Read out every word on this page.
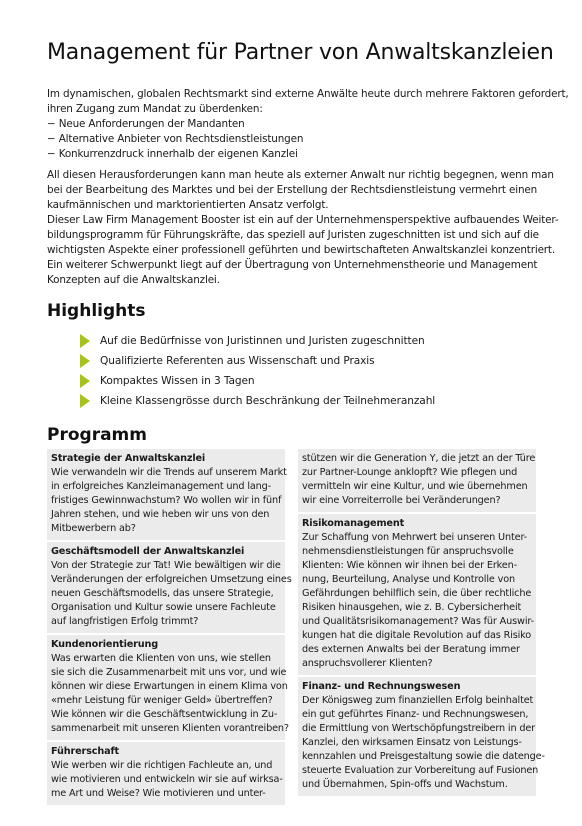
Management für Partner von Anwaltskanzleien
Im dynamischen, globalen Rechtsmarkt sind externe Anwälte heute durch mehrere Faktoren gefordert,
ihren Zugang zum Mandat zu überdenken:
− Neue Anforderungen der Mandanten
− Alternative Anbieter von Rechtsdienstleistungen
− Konkurrenzdruck innerhalb der eigenen Kanzlei
All diesen Herausforderungen kann man heute als externer Anwalt nur richtig begegnen, wenn man
bei der Bearbeitung des Marktes und bei der Erstellung der Rechtsdienstleistung vermehrt einen
kaufmännischen und marktorientierten Ansatz verfolgt.
Dieser Law Firm Management Booster ist ein auf der Unternehmensperspektive aufbauendes Weiter-
bildungsprogramm für Führungskräfte, das speziell auf Juristen zugeschnitten ist und sich auf die
wichtigsten Aspekte einer professionell geführten und bewirtschafteten Anwaltskanzlei konzentriert.
Ein weiterer Schwerpunkt liegt auf der Übertragung von Unternehmenstheorie und Management
Konzepten auf die Anwaltskanzlei.
Highlights
Auf die Bedürfnisse von Juristinnen und Juristen zugeschnitten
Qualifizierte Referenten aus Wissenschaft und Praxis
Kompaktes Wissen in 3 Tagen
Kleine Klassengrösse durch Beschränkung der Teilnehmeranzahl
Programm
Strategie der Anwaltskanzlei
Wie verwandeln wir die Trends auf unserem Markt
in erfolgreiches Kanzleimanagement und lang-
fristiges Gewinnwachstum? Wo wollen wir in fünf
Jahren stehen, und wie heben wir uns von den
Mitbewerbern ab?
Geschäftsmodell der Anwaltskanzlei
Von der Strategie zur Tat! Wie bewältigen wir die
Veränderungen der erfolgreichen Umsetzung eines
neuen Geschäftsmodells, das unsere Strategie,
Organisation und Kultur sowie unsere Fachleute
auf langfristigen Erfolg trimmt?
Kundenorientierung
Was erwarten die Klienten von uns, wie stellen
sie sich die Zusammenarbeit mit uns vor, und wie
können wir diese Erwartungen in einem Klima von
«mehr Leistung für weniger Geld» übertreffen?
Wie können wir die Geschäftsentwicklung in Zu-
sammenarbeit mit unseren Klienten vorantreiben?
Führerschaft
Wie werben wir die richtigen Fachleute an, und
wie motivieren und entwickeln wir sie auf wirksa-
me Art und Weise? Wie motivieren und unter-
stützen wir die Generation Y, die jetzt an der Türe
zur Partner-Lounge anklopft? Wie pflegen und
vermitteln wir eine Kultur, und wie übernehmen
wir eine Vorreiterrolle bei Veränderungen?
Risikomanagement
Zur Schaffung von Mehrwert bei unseren Unter-
nehmensdienstleistungen für anspruchsvolle
Klienten: Wie können wir ihnen bei der Erken-
nung, Beurteilung, Analyse und Kontrolle von
Gefährdungen behilflich sein, die über rechtliche
Risiken hinausgehen, wie z. B. Cybersicherheit
und Qualitätsrisikomanagement? Was für Auswir-
kungen hat die digitale Revolution auf das Risiko
des externen Anwalts bei der Beratung immer
anspruchsvollerer Klienten?
Finanz- und Rechnungswesen
Der Königsweg zum finanziellen Erfolg beinhaltet
ein gut geführtes Finanz- und Rechnungswesen,
die Ermittlung von Wertschöpfungstreibern in der
Kanzlei, den wirksamen Einsatz von Leistungs-
kennzahlen und Preisgestaltung sowie die datenge-
steuerte Evaluation zur Vorbereitung auf Fusionen
und Übernahmen, Spin-offs und Wachstum.
